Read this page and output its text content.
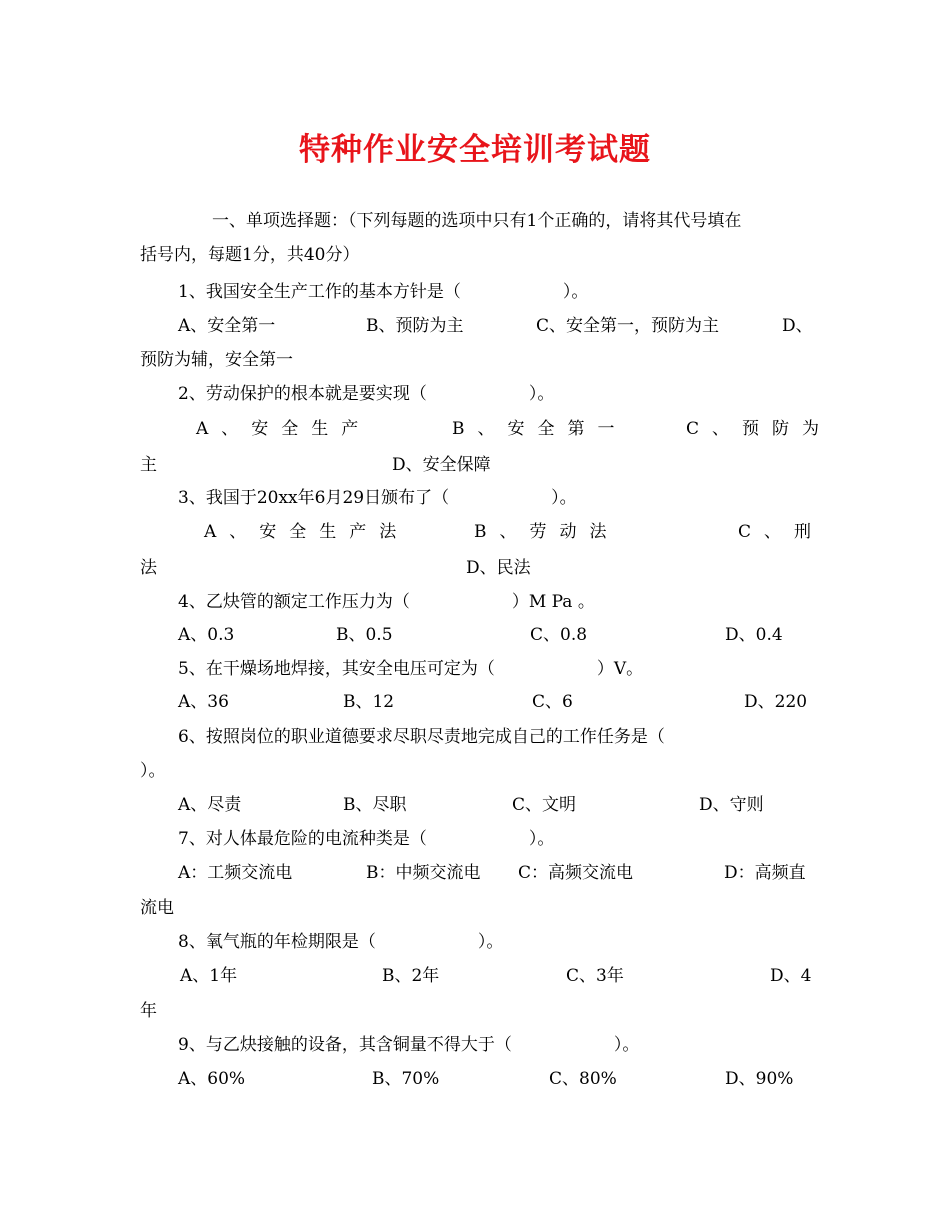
特种作业安全培训考试题
一、单项选择题：（下列每题的选项中只有1个正确的，请将其代号填在
括号内，每题1分，共40分）
1、我国安全生产工作的基本方针是（　　　　　　）。
A、安全第一	B、预防为主	C、安全第一，预防为主	D、
预防为辅，安全第一
2、劳动保护的根本就是要实现（　　　　　　）。
A、安全生产	B、安全第一	C、预防为
主	D、安全保障
3、我国于20xx年6月29日颁布了（　　　　　　）。
A、安全生产法	B、劳动法	C、刑
法	D、民法
4、乙炔管的额定工作压力为（　　　　　　）M Pa 。
A、0.3	B、0.5	C、0.8	D、0.4
5、在干燥场地焊接，其安全电压可定为（　　　　　　）V。
A、36	B、12	C、6	D、220
6、按照岗位的职业道德要求尽职尽责地完成自己的工作任务是（
）。
A、尽责	B、尽职	C、文明	D、守则
7、对人体最危险的电流种类是（　　　　　　）。
A：工频交流电	B：中频交流电 C：高频交流电	D：高频直
流电
8、氧气瓶的年检期限是（　　　　　　）。
A、1年	B、2年	C、3年	D、4
年
9、与乙炔接触的设备，其含铜量不得大于（　　　　　　）。
A、60%	B、70%	C、80%	D、90%
